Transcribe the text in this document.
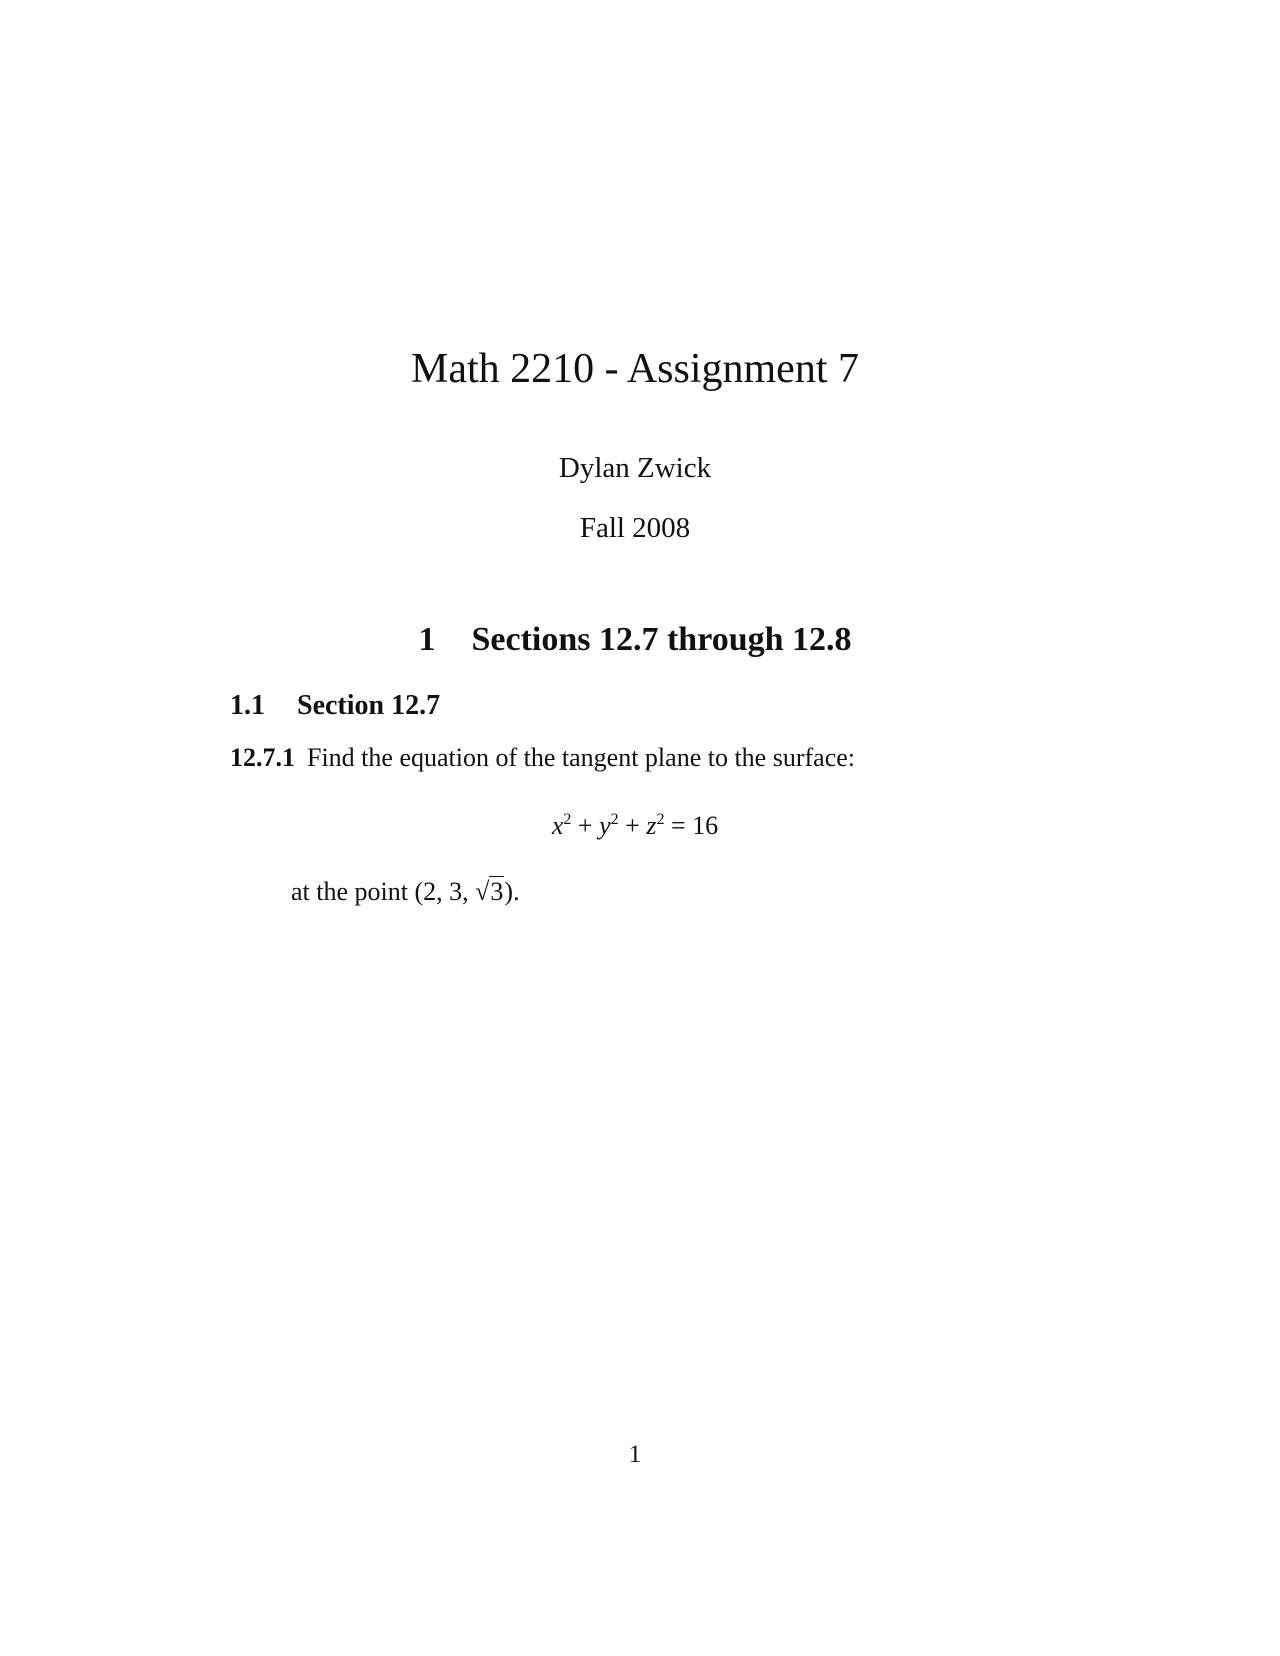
Math 2210 - Assignment 7
Dylan Zwick
Fall 2008
1 Sections 12.7 through 12.8
1.1 Section 12.7
12.7.1 Find the equation of the tangent plane to the surface:
$x^2 + y^2 + z^2 = 16$
at the point (2, 3, √3).
1
